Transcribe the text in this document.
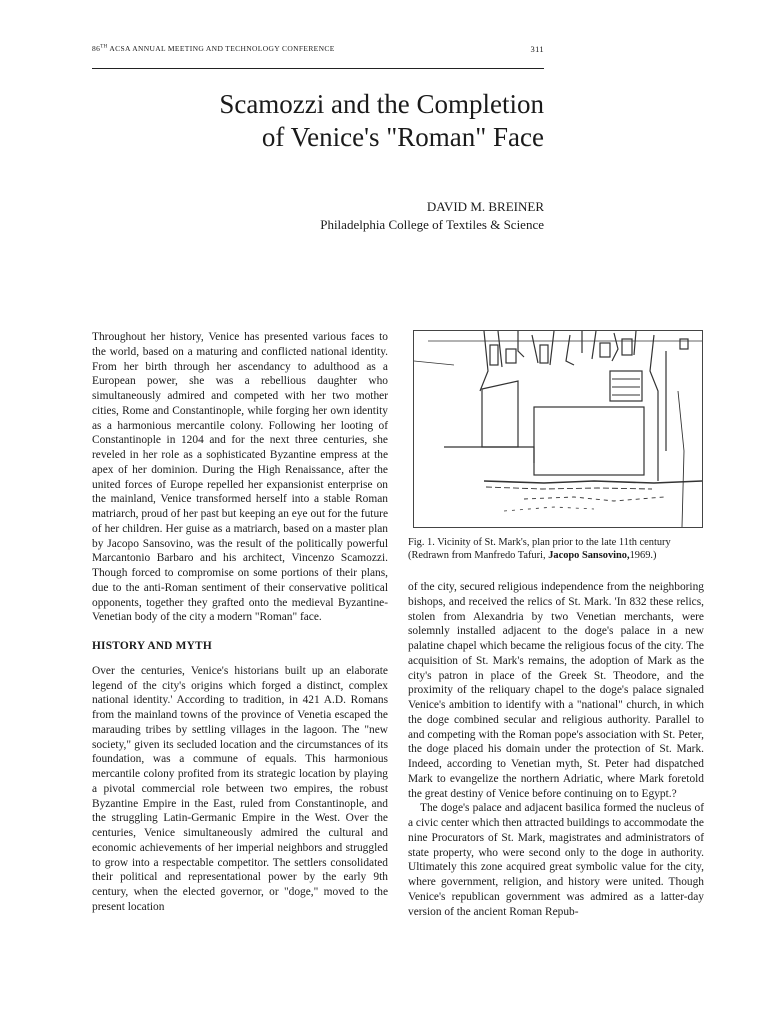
86TH ACSA ANNUAL MEETING AND TECHNOLOGY CONFERENCE	311
Scamozzi and the Completion
of Venice's "Roman" Face
DAVID M. BREINER
Philadelphia College of Textiles & Science

Throughout her history, Venice has presented various faces to the world, based on a maturing and conflicted national identity. From her birth through her ascendancy to adulthood as a European power, she was a rebellious daughter who simultaneously admired and competed with her two mother cities, Rome and Constantinople, while forging her own identity as a harmonious mercantile colony. Following her looting of Constantinople in 1204 and for the next three centuries, she reveled in her role as a sophisticated Byzantine empress at the apex of her dominion. During the High Renaissance, after the united forces of Europe repelled her expansionist enterprise on the mainland, Venice transformed herself into a stable Roman matriarch, proud of her past but keeping an eye out for the future of her children. Her guise as a matriarch, based on a master plan by Jacopo Sansovino, was the result of the politically powerful Marcantonio Barbaro and his architect, Vincenzo Scamozzi. Though forced to compromise on some portions of their plans, due to the anti-Roman sentiment of their conservative political opponents, together they grafted onto the medieval Byzantine-Venetian body of the city a modern "Roman" face.

HISTORY AND MYTH

Over the centuries, Venice's historians built up an elaborate legend of the city's origins which forged a distinct, complex national identity.' According to tradition, in 421 A.D. Romans from the mainland towns of the province of Venetia escaped the marauding tribes by settling villages in the lagoon. The "new society," given its secluded location and the circumstances of its foundation, was a commune of equals. This harmonious mercantile colony profited from its strategic location by playing a pivotal commercial role between two empires, the robust Byzantine Empire in the East, ruled from Constantinople, and the struggling Latin-Germanic Empire in the West. Over the centuries, Venice simultaneously admired the cultural and economic achievements of her imperial neighbors and struggled to grow into a respectable competitor. The settlers consolidated their political and representational power by the early 9th century, when the elected governor, or "doge," moved to the present location

Fig. 1. Vicinity of St. Mark's, plan prior to the late 11th century
(Redrawn from Manfredo Tafuri, Jacopo Sansovino,1969.)

of the city, secured religious independence from the neighboring bishops, and received the relics of St. Mark. 'In 832 these relics, stolen from Alexandria by two Venetian merchants, were solemnly installed adjacent to the doge's palace in a new palatine chapel which became the religious focus of the city. The acquisition of St. Mark's remains, the adoption of Mark as the city's patron in place of the Greek St. Theodore, and the proximity of the reliquary chapel to the doge's palace signaled Venice's ambition to identify with a "national" church, in which the doge combined secular and religious authority. Parallel to and competing with the Roman pope's association with St. Peter, the doge placed his domain under the protection of St. Mark. Indeed, according to Venetian myth, St. Peter had dispatched Mark to evangelize the northern Adriatic, where Mark foretold the great destiny of Venice before continuing on to Egypt.?

The doge's palace and adjacent basilica formed the nucleus of a civic center which then attracted buildings to accommodate the nine Procurators of St. Mark, magistrates and administrators of state property, who were second only to the doge in authority. Ultimately this zone acquired great symbolic value for the city, where government, religion, and history were united. Though Venice's republican government was admired as a latter-day version of the ancient Roman Repub-
